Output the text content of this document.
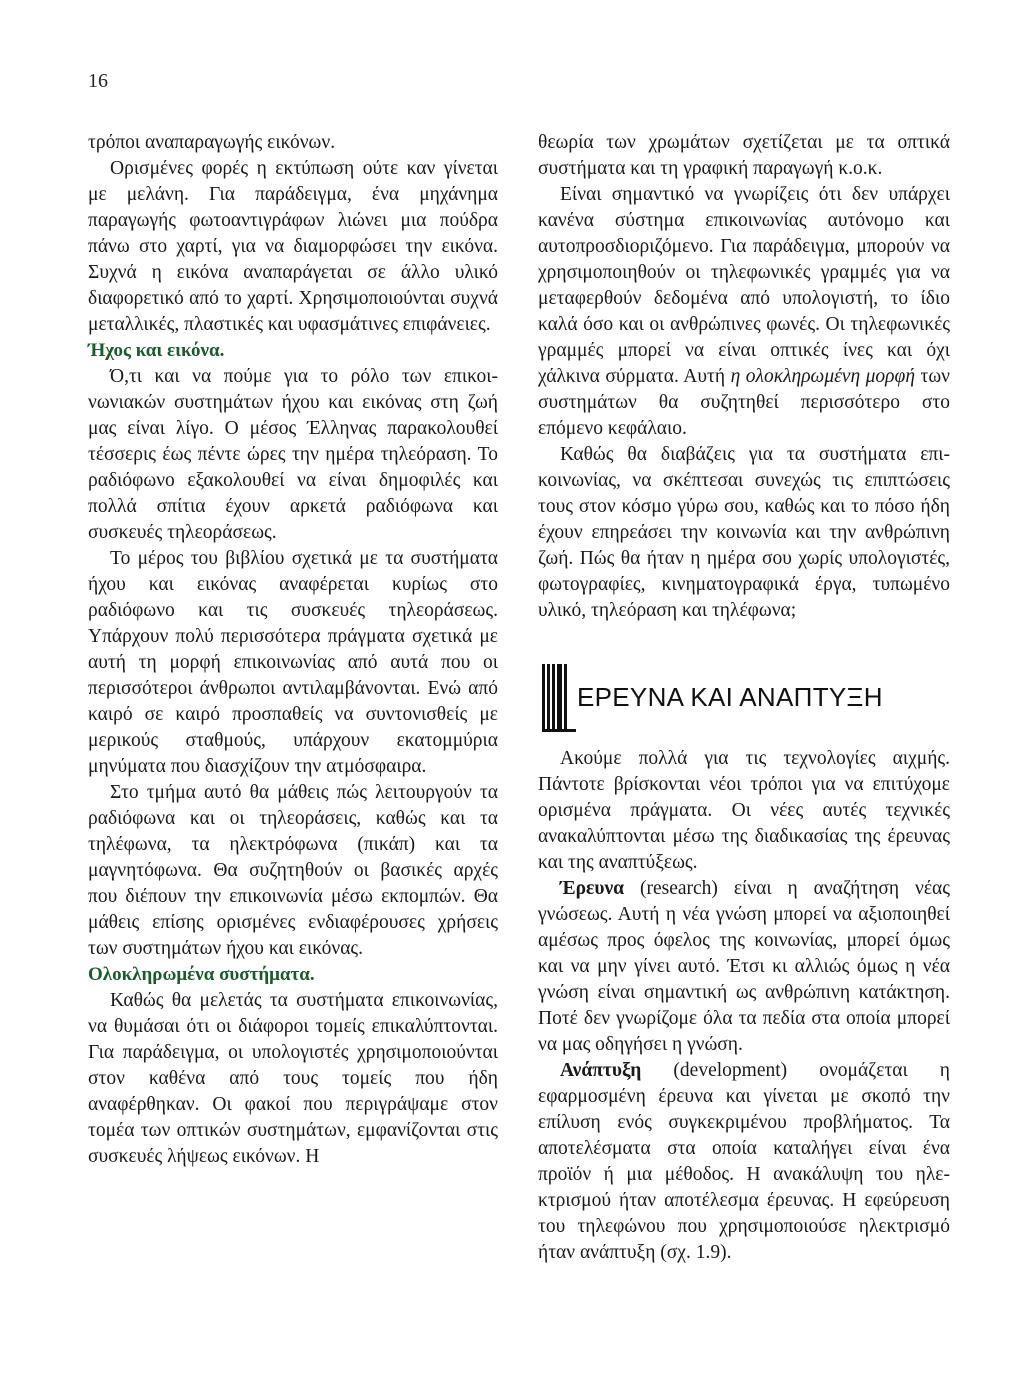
16

τρόποι αναπαραγωγής εικόνων.

Ορισμένες φορές η εκτύπωση ούτε καν γίνεται με μελάνη. Για παράδειγμα, ένα μηχάνημα παραγωγής φωτοαντιγράφων λιώνει μια πούδρα πάνω στο χαρτί, για να διαμορφώσει την εικόνα. Συχνά η εικόνα αναπαράγεται σε άλλο υλικό διαφορετικό από το χαρτί. Χρησιμοποιούνται συχνά μεταλλικές, πλαστικές και υφασμάτινες επιφάνειες.

Ήχος και εικόνα.

Ό,τι και να πούμε για το ρόλο των επικοινωνιακών συστημάτων ήχου και εικόνας στη ζωή μας είναι λίγο. Ο μέσος Έλληνας παρακολουθεί τέσσερις έως πέντε ώρες την ημέρα τηλεόραση. Το ραδιόφωνο εξακολουθεί να είναι δημοφιλές και πολλά σπίτια έχουν αρκετά ραδιόφωνα και συσκευές τηλεοράσεως.

Το μέρος του βιβλίου σχετικά με τα συστήματα ήχου και εικόνας αναφέρεται κυρίως στο ραδιόφωνο και τις συσκευές τηλεοράσεως. Υπάρχουν πολύ περισσότερα πράγματα σχετικά με αυτή τη μορφή επικοινωνίας από αυτά που οι περισσότεροι άνθρωποι αντιλαμβάνονται. Ενώ από καιρό σε καιρό προσπαθείς να συντονισθείς με μερικούς σταθμούς, υπάρχουν εκατομμύρια μηνύματα που διασχίζουν την ατμόσφαιρα.

Στο τμήμα αυτό θα μάθεις πώς λειτουργούν τα ραδιόφωνα και οι τηλεοράσεις, καθώς και τα τηλέφωνα, τα ηλεκτρόφωνα (πικάπ) και τα μαγνητόφωνα. Θα συζητηθούν οι βασικές αρχές που διέπουν την επικοινωνία μέσω εκπομπών. Θα μάθεις επίσης ορισμένες ενδιαφέρουσες χρήσεις των συστημάτων ήχου και εικόνας.

Ολοκληρωμένα συστήματα.

Καθώς θα μελετάς τα συστήματα επικοινωνίας, να θυμάσαι ότι οι διάφοροι τομείς επικαλύπτονται. Για παράδειγμα, οι υπολογιστές χρησιμοποιούνται στον καθένα από τους τομείς που ήδη αναφέρθηκαν. Οι φακοί που περιγράψαμε στον τομέα των οπτικών συστημάτων, εμφανίζονται στις συσκευές λήψεως εικόνων. Η

θεωρία των χρωμάτων σχετίζεται με τα οπτικά συστήματα και τη γραφική παραγωγή κ.ο.κ.

Είναι σημαντικό να γνωρίζεις ότι δεν υπάρχει κανένα σύστημα επικοινωνίας αυτόνομο και αυτοπροσδιοριζόμενο. Για παράδειγμα, μπορούν να χρησιμοποιηθούν οι τηλεφωνικές γραμμές για να μεταφερθούν δεδομένα από υπολογιστή, το ίδιο καλά όσο και οι ανθρώπινες φωνές. Οι τηλεφωνικές γραμμές μπορεί να είναι οπτικές ίνες και όχι χάλκινα σύρματα. Αυτή η ολοκληρωμένη μορφή των συστημάτων θα συζητηθεί περισσότερο στο επόμενο κεφάλαιο.

Καθώς θα διαβάζεις για τα συστήματα επικοινωνίας, να σκέπτεσαι συνεχώς τις επιπτώσεις τους στον κόσμο γύρω σου, καθώς και το πόσο ήδη έχουν επηρεάσει την κοινωνία και την ανθρώπινη ζωή. Πώς θα ήταν η ημέρα σου χωρίς υπολογιστές, φωτογραφίες, κινηματογραφικά έργα, τυπωμένο υλικό, τηλεόραση και τηλέφωνα;

ΕΡΕΥΝΑ ΚΑΙ ΑΝΑΠΤΥΞΗ

Ακούμε πολλά για τις τεχνολογίες αιχμής. Πάντοτε βρίσκονται νέοι τρόποι για να επιτύχομε ορισμένα πράγματα. Οι νέες αυτές τεχνικές ανακαλύπτονται μέσω της διαδικασίας της έρευνας και της αναπτύξεως.

Έρευνα (research) είναι η αναζήτηση νέας γνώσεως. Αυτή η νέα γνώση μπορεί να αξιοποιηθεί αμέσως προς όφελος της κοινωνίας, μπορεί όμως και να μην γίνει αυτό. Έτσι κι αλλιώς όμως η νέα γνώση είναι σημαντική ως ανθρώπινη κατάκτηση. Ποτέ δεν γνωρίζομε όλα τα πεδία στα οποία μπορεί να μας οδηγήσει η γνώση.

Ανάπτυξη (development) ονομάζεται η εφαρμοσμένη έρευνα και γίνεται με σκοπό την επίλυση ενός συγκεκριμένου προβλήματος. Τα αποτελέσματα στα οποία καταλήγει είναι ένα προϊόν ή μια μέθοδος. Η ανακάλυψη του ηλεκτρισμού ήταν αποτέλεσμα έρευνας. Η εφεύρευση του τηλεφώνου που χρησιμοποιούσε ηλεκτρισμό ήταν ανάπτυξη (σχ. 1.9).
